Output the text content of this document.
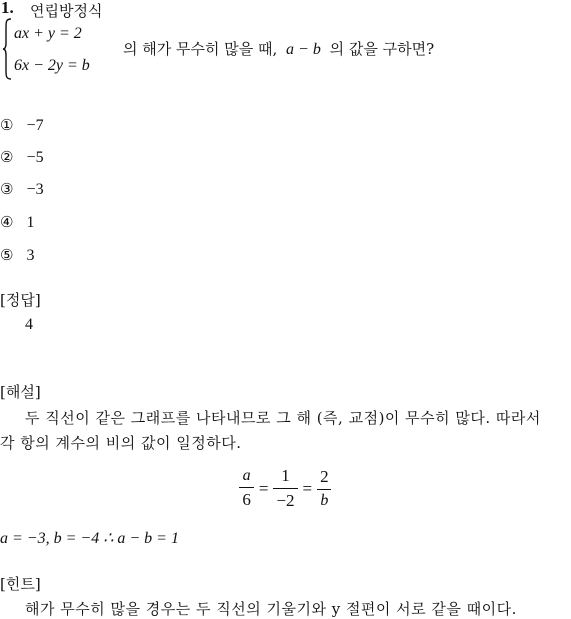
1. 연립방정식
ax + y = 2
6x − 2y = b
의 해가 무수히 많을 때, a − b 의 값을 구하면?
① −7
② −5
③ −3
④ 1
⑤ 3
[정답]
4
[해설]
두 직선이 같은 그래프를 나타내므로 그 해 (즉, 교점)이 무수히 많다. 따라서
각 항의 계수의 비의 값이 일정하다.
$\frac{a}{6} = \frac{1}{-2} = \frac{2}{b}$
a = −3, b = −4 ∴ a − b = 1
[힌트]
해가 무수히 많을 경우는 두 직선의 기울기와 y 절편이 서로 같을 때이다.
